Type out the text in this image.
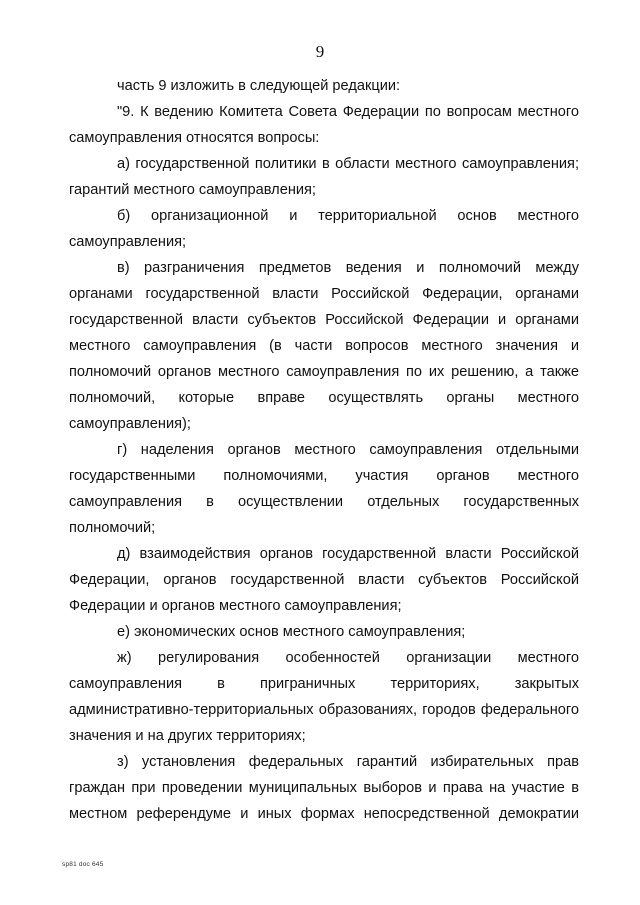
9

часть 9 изложить в следующей редакции:

"9. К ведению Комитета Совета Федерации по вопросам местного самоуправления относятся вопросы:

а) государственной политики в области местного самоуправления; гарантий местного самоуправления;

б) организационной и территориальной основ местного самоуправления;

в) разграничения предметов ведения и полномочий между органами государственной власти Российской Федерации, органами государственной власти субъектов Российской Федерации и органами местного самоуправления (в части вопросов местного значения и полномочий органов местного самоуправления по их решению, а также полномочий, которые вправе осуществлять органы местного самоуправления);

г) наделения органов местного самоуправления отдельными государственными полномочиями, участия органов местного самоуправления в осуществлении отдельных государственных полномочий;

д) взаимодействия органов государственной власти Российской Федерации, органов государственной власти субъектов Российской Федерации и органов местного самоуправления;

е) экономических основ местного самоуправления;

ж) регулирования особенностей организации местного самоуправления в приграничных территориях, закрытых административно-территориальных образованиях, городов федерального значения и на других территориях;

з) установления федеральных гарантий избирательных прав граждан при проведении муниципальных выборов и права на участие в местном референдуме и иных формах непосредственной демократии

sp81 doc 645
